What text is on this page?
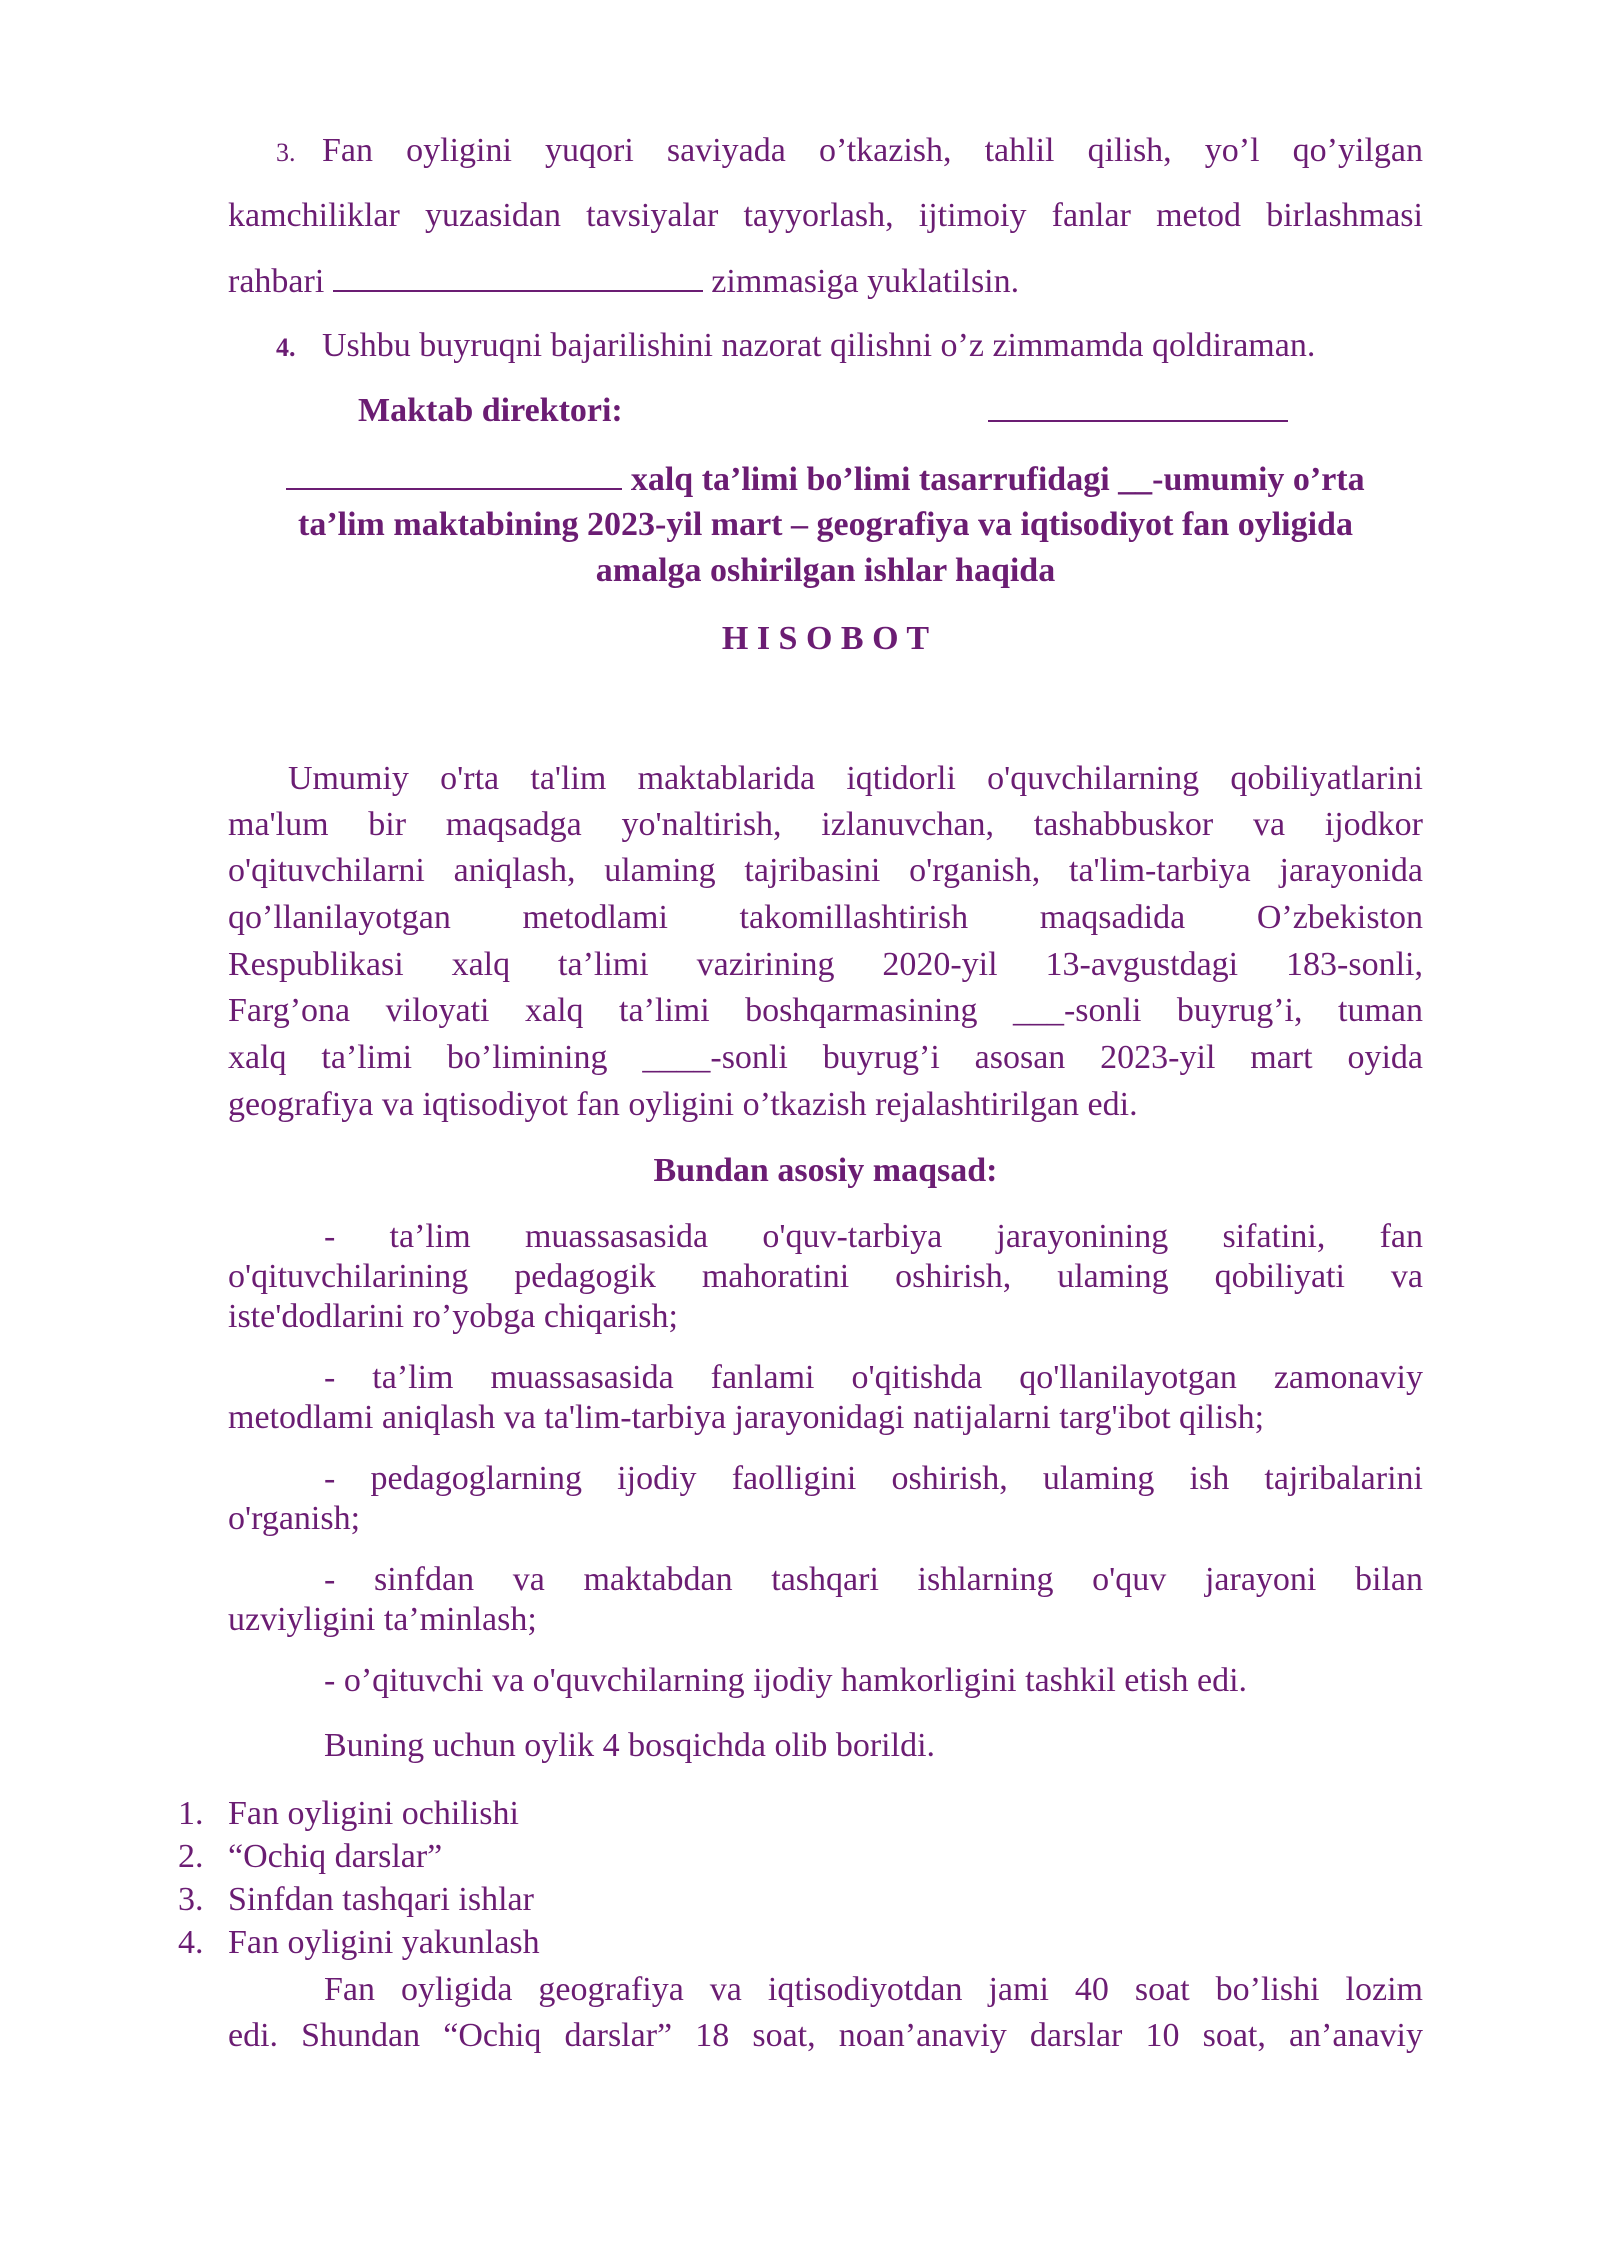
3. Fan oyligini yuqori saviyada o’tkazish, tahlil qilish, yo’l qo’yilgan
kamchiliklar yuzasidan tavsiyalar tayyorlash, ijtimoiy fanlar metod birlashmasi
rahbari	zimmasiga yuklatilsin.
4. Ushbu buyruqni bajarilishini nazorat qilishni o’z zimmamda qoldiraman.
Maktab direktori:
xalq ta’limi bo’limi tasarrufidagi __-umumiy o’rta
ta’lim maktabining 2023-yil mart – geografiya va iqtisodiyot fan oyligida
amalga oshirilgan ishlar haqida
H I S O B O T
Umumiy o'rta ta'lim maktablarida iqtidorli o'quvchilarning qobiliyatlarini
ma'lum bir maqsadga yo'naltirish, izlanuvchan, tashabbuskor va ijodkor
o'qituvchilarni aniqlash, ulaming tajribasini o'rganish, ta'lim-tarbiya jarayonida
qo’llanilayotgan metodlami takomillashtirish maqsadida O’zbekiston
Respublikasi xalq ta’limi vazirining 2020-yil 13-avgustdagi 183-sonli,
Farg’ona viloyati xalq ta’limi boshqarmasining ___-sonli buyrug’i, tuman
xalq ta’limi bo’limining ____-sonli buyrug’i asosan 2023-yil mart oyida
geografiya va iqtisodiyot fan oyligini o’tkazish rejalashtirilgan edi.
Bundan asosiy maqsad:
- ta’lim muassasasida o'quv-tarbiya jarayonining sifatini, fan
o'qituvchilarining pedagogik mahoratini oshirish, ulaming qobiliyati va
iste'dodlarini ro’yobga chiqarish;
- ta’lim muassasasida fanlami o'qitishda qo'llanilayotgan zamonaviy
metodlami aniqlash va ta'lim-tarbiya jarayonidagi natijalarni targ'ibot qilish;
- pedagoglarning ijodiy faolligini oshirish, ulaming ish tajribalarini
o'rganish;
- sinfdan va maktabdan tashqari ishlarning o'quv jarayoni bilan
uzviyligini ta’minlash;
- o’qituvchi va o'quvchilarning ijodiy hamkorligini tashkil etish edi.
Buning uchun oylik 4 bosqichda olib borildi.
1. Fan oyligini ochilishi
2. “Ochiq darslar”
3. Sinfdan tashqari ishlar
4. Fan oyligini yakunlash
Fan oyligida geografiya va iqtisodiyotdan jami 40 soat bo’lishi lozim
edi. Shundan “Ochiq darslar” 18 soat, noan’anaviy darslar 10 soat, an’anaviy
